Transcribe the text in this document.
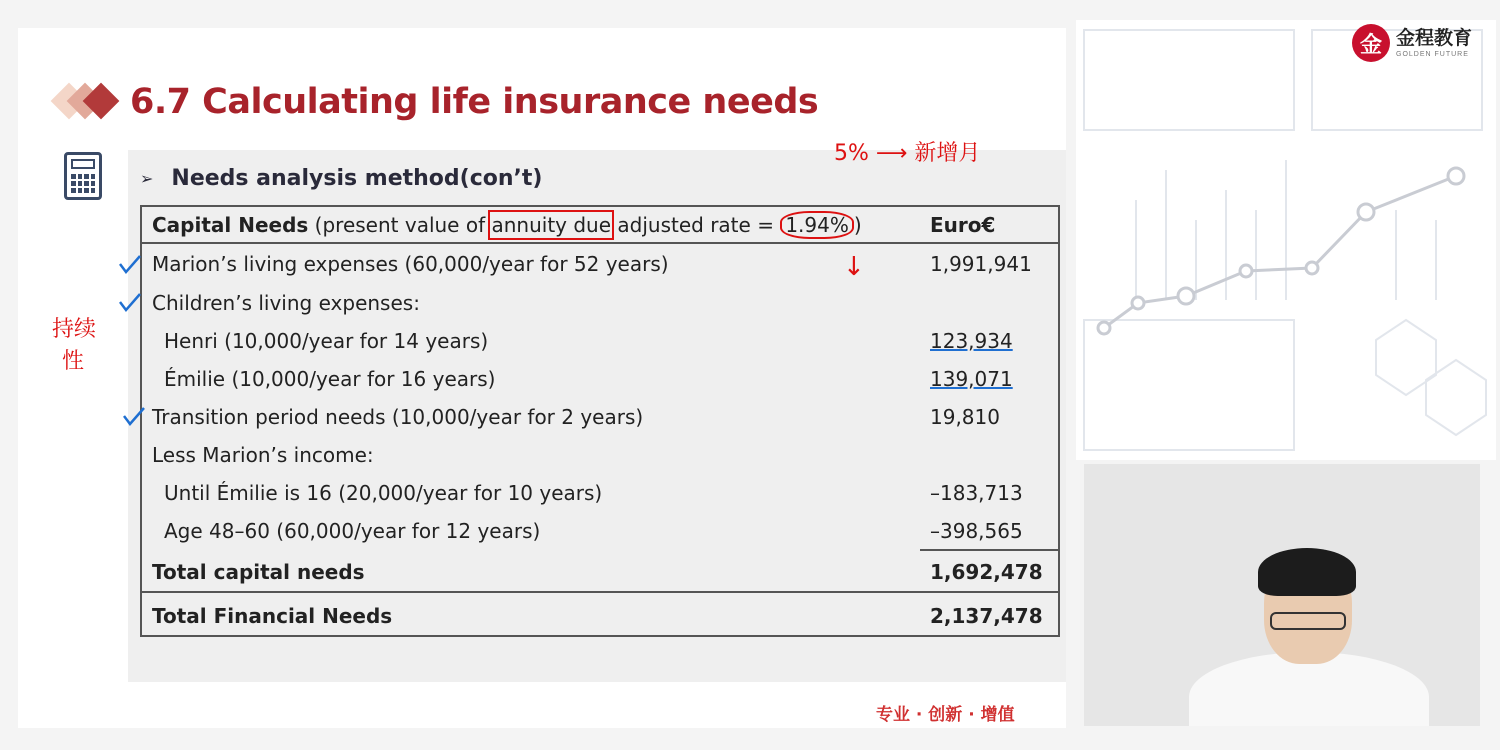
金 金程教育
GOLDEN FUTURE
6.7 Calculating life insurance needs
➢ Needs analysis method(con’t)
Capital Needs (present value of annuity due adjusted rate = 1.94% )	Euro€
Marion’s living expenses (60,000/year for 52 years)	1,991,941
Children’s living expenses:
Henri (10,000/year for 14 years)	123,934
Émilie (10,000/year for 16 years)	139,071
Transition period needs (10,000/year for 2 years)	19,810
Less Marion’s income:
Until Émilie is 16 (20,000/year for 10 years)	–183,713
Age 48–60 (60,000/year for 12 years)	–398,565
Total capital needs	1,692,478
Total Financial Needs	2,137,478
5% ⟶ 新增月
↓
持续
性
专业 · 创新 · 增值
